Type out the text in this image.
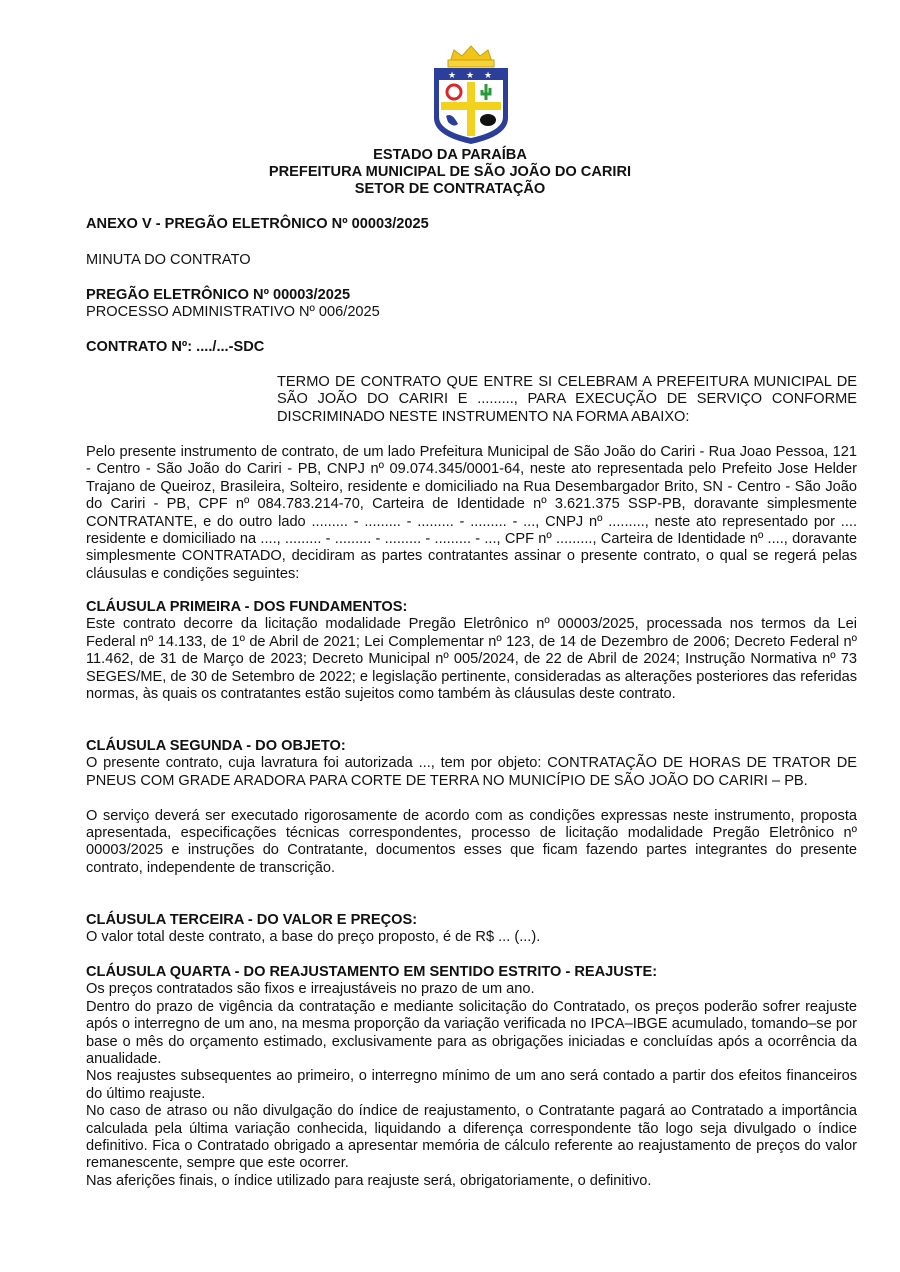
★ ★ ★
ESTADO DA PARAÍBA
PREFEITURA MUNICIPAL DE SÃO JOÃO DO CARIRI
SETOR DE CONTRATAÇÃO
ANEXO V - PREGÃO ELETRÔNICO Nº 00003/2025
MINUTA DO CONTRATO
PREGÃO ELETRÔNICO Nº 00003/2025
PROCESSO ADMINISTRATIVO Nº 006/2025
CONTRATO Nº: ..../...-SDC
TERMO DE CONTRATO QUE ENTRE SI CELEBRAM A PREFEITURA MUNICIPAL DE SÃO JOÃO DO CARIRI E ........., PARA EXECUÇÃO DE SERVIÇO CONFORME DISCRIMINADO NESTE INSTRUMENTO NA FORMA ABAIXO:
Pelo presente instrumento de contrato, de um lado Prefeitura Municipal de São João do Cariri - Rua Joao Pessoa, 121 - Centro - São João do Cariri - PB, CNPJ nº 09.074.345/0001-64, neste ato representada pelo Prefeito Jose Helder Trajano de Queiroz, Brasileira, Solteiro, residente e domiciliado na Rua Desembargador Brito, SN - Centro - São João do Cariri - PB, CPF nº 084.783.214-70, Carteira de Identidade nº 3.621.375 SSP-PB, doravante simplesmente CONTRATANTE, e do outro lado ......... - ......... - ......... - ......... - ..., CNPJ nº ........., neste ato representado por .... residente e domiciliado na ...., ......... - ......... - ......... - ......... - ..., CPF nº ........., Carteira de Identidade nº ...., doravante simplesmente CONTRATADO, decidiram as partes contratantes assinar o presente contrato, o qual se regerá pelas cláusulas e condições seguintes:

CLÁUSULA PRIMEIRA - DOS FUNDAMENTOS:

Este contrato decorre da licitação modalidade Pregão Eletrônico nº 00003/2025, processada nos termos da Lei Federal nº 14.133, de 1º de Abril de 2021; Lei Complementar nº 123, de 14 de Dezembro de 2006; Decreto Federal nº 11.462, de 31 de Março de 2023; Decreto Municipal nº 005/2024, de 22 de Abril de 2024; Instrução Normativa nº 73 SEGES/ME, de 30 de Setembro de 2022; e legislação pertinente, consideradas as alterações posteriores das referidas normas, às quais os contratantes estão sujeitos como também às cláusulas deste contrato.

CLÁUSULA SEGUNDA - DO OBJETO:

O presente contrato, cuja lavratura foi autorizada ..., tem por objeto: CONTRATAÇÃO DE HORAS DE TRATOR DE PNEUS COM GRADE ARADORA PARA CORTE DE TERRA NO MUNICÍPIO DE SÃO JOÃO DO CARIRI – PB.

O serviço deverá ser executado rigorosamente de acordo com as condições expressas neste instrumento, proposta apresentada, especificações técnicas correspondentes, processo de licitação modalidade Pregão Eletrônico nº 00003/2025 e instruções do Contratante, documentos esses que ficam fazendo partes integrantes do presente contrato, independente de transcrição.

CLÁUSULA TERCEIRA - DO VALOR E PREÇOS:

O valor total deste contrato, a base do preço proposto, é de R$ ... (...).

CLÁUSULA QUARTA - DO REAJUSTAMENTO EM SENTIDO ESTRITO - REAJUSTE:

Os preços contratados são fixos e irreajustáveis no prazo de um ano.

Dentro do prazo de vigência da contratação e mediante solicitação do Contratado, os preços poderão sofrer reajuste após o interregno de um ano, na mesma proporção da variação verificada no IPCA–IBGE acumulado, tomando–se por base o mês do orçamento estimado, exclusivamente para as obrigações iniciadas e concluídas após a ocorrência da anualidade.

Nos reajustes subsequentes ao primeiro, o interregno mínimo de um ano será contado a partir dos efeitos financeiros do último reajuste.

No caso de atraso ou não divulgação do índice de reajustamento, o Contratante pagará ao Contratado a importância calculada pela última variação conhecida, liquidando a diferença correspondente tão logo seja divulgado o índice definitivo. Fica o Contratado obrigado a apresentar memória de cálculo referente ao reajustamento de preços do valor remanescente, sempre que este ocorrer.

Nas aferições finais, o índice utilizado para reajuste será, obrigatoriamente, o definitivo.
